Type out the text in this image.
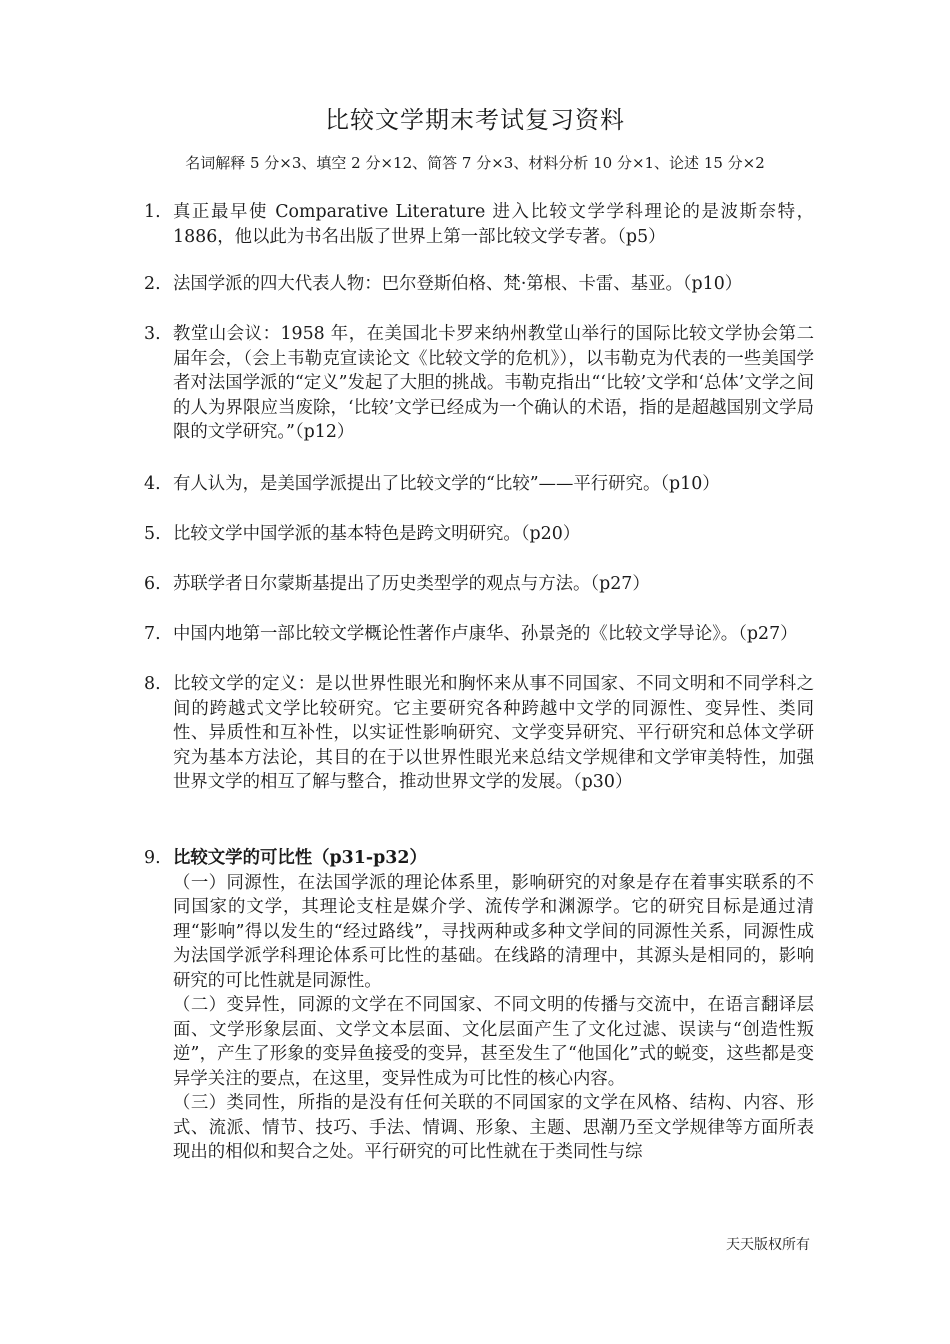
比较文学期末考试复习资料
名词解释 5 分×3、填空 2 分×12、简答 7 分×3、材料分析 10 分×1、论述 15 分×2
1. 真正最早使 Comparative Literature 进入比较文学学科理论的是波斯奈特，1886，他以此为书名出版了世界上第一部比较文学专著。（p5）
2. 法国学派的四大代表人物：巴尔登斯伯格、梵·第根、卡雷、基亚。（p10）
3. 教堂山会议：1958 年，在美国北卡罗来纳州教堂山举行的国际比较文学协会第二届年会，（会上韦勒克宣读论文《比较文学的危机》），以韦勒克为代表的一些美国学者对法国学派的“定义”发起了大胆的挑战。韦勒克指出“‘比较’文学和‘总体’文学之间的人为界限应当废除，‘比较’文学已经成为一个确认的术语，指的是超越国别文学局限的文学研究。”（p12）
4. 有人认为，是美国学派提出了比较文学的“比较”——平行研究。（p10）
5. 比较文学中国学派的基本特色是跨文明研究。（p20）
6. 苏联学者日尔蒙斯基提出了历史类型学的观点与方法。（p27）
7. 中国内地第一部比较文学概论性著作卢康华、孙景尧的《比较文学导论》。（p27）
8. 比较文学的定义：是以世界性眼光和胸怀来从事不同国家、不同文明和不同学科之间的跨越式文学比较研究。它主要研究各种跨越中文学的同源性、变异性、类同性、异质性和互补性，以实证性影响研究、文学变异研究、平行研究和总体文学研究为基本方法论，其目的在于以世界性眼光来总结文学规律和文学审美特性，加强世界文学的相互了解与整合，推动世界文学的发展。（p30）
9. 比较文学的可比性（p31-p32）

（一）同源性，在法国学派的理论体系里，影响研究的对象是存在着事实联系的不同国家的文学，其理论支柱是媒介学、流传学和渊源学。它的研究目标是通过清理“影响”得以发生的“经过路线”，寻找两种或多种文学间的同源性关系，同源性成为法国学派学科理论体系可比性的基础。在线路的清理中，其源头是相同的，影响研究的可比性就是同源性。

（二）变异性，同源的文学在不同国家、不同文明的传播与交流中，在语言翻译层面、文学形象层面、文学文本层面、文化层面产生了文化过滤、误读与“创造性叛逆”，产生了形象的变异鱼接受的变异，甚至发生了“他国化”式的蜕变，这些都是变异学关注的要点，在这里，变异性成为可比性的核心内容。

（三）类同性，所指的是没有任何关联的不同国家的文学在风格、结构、内容、形式、流派、情节、技巧、手法、情调、形象、主题、思潮乃至文学规律等方面所表现出的相似和契合之处。平行研究的可比性就在于类同性与综

天天版权所有
